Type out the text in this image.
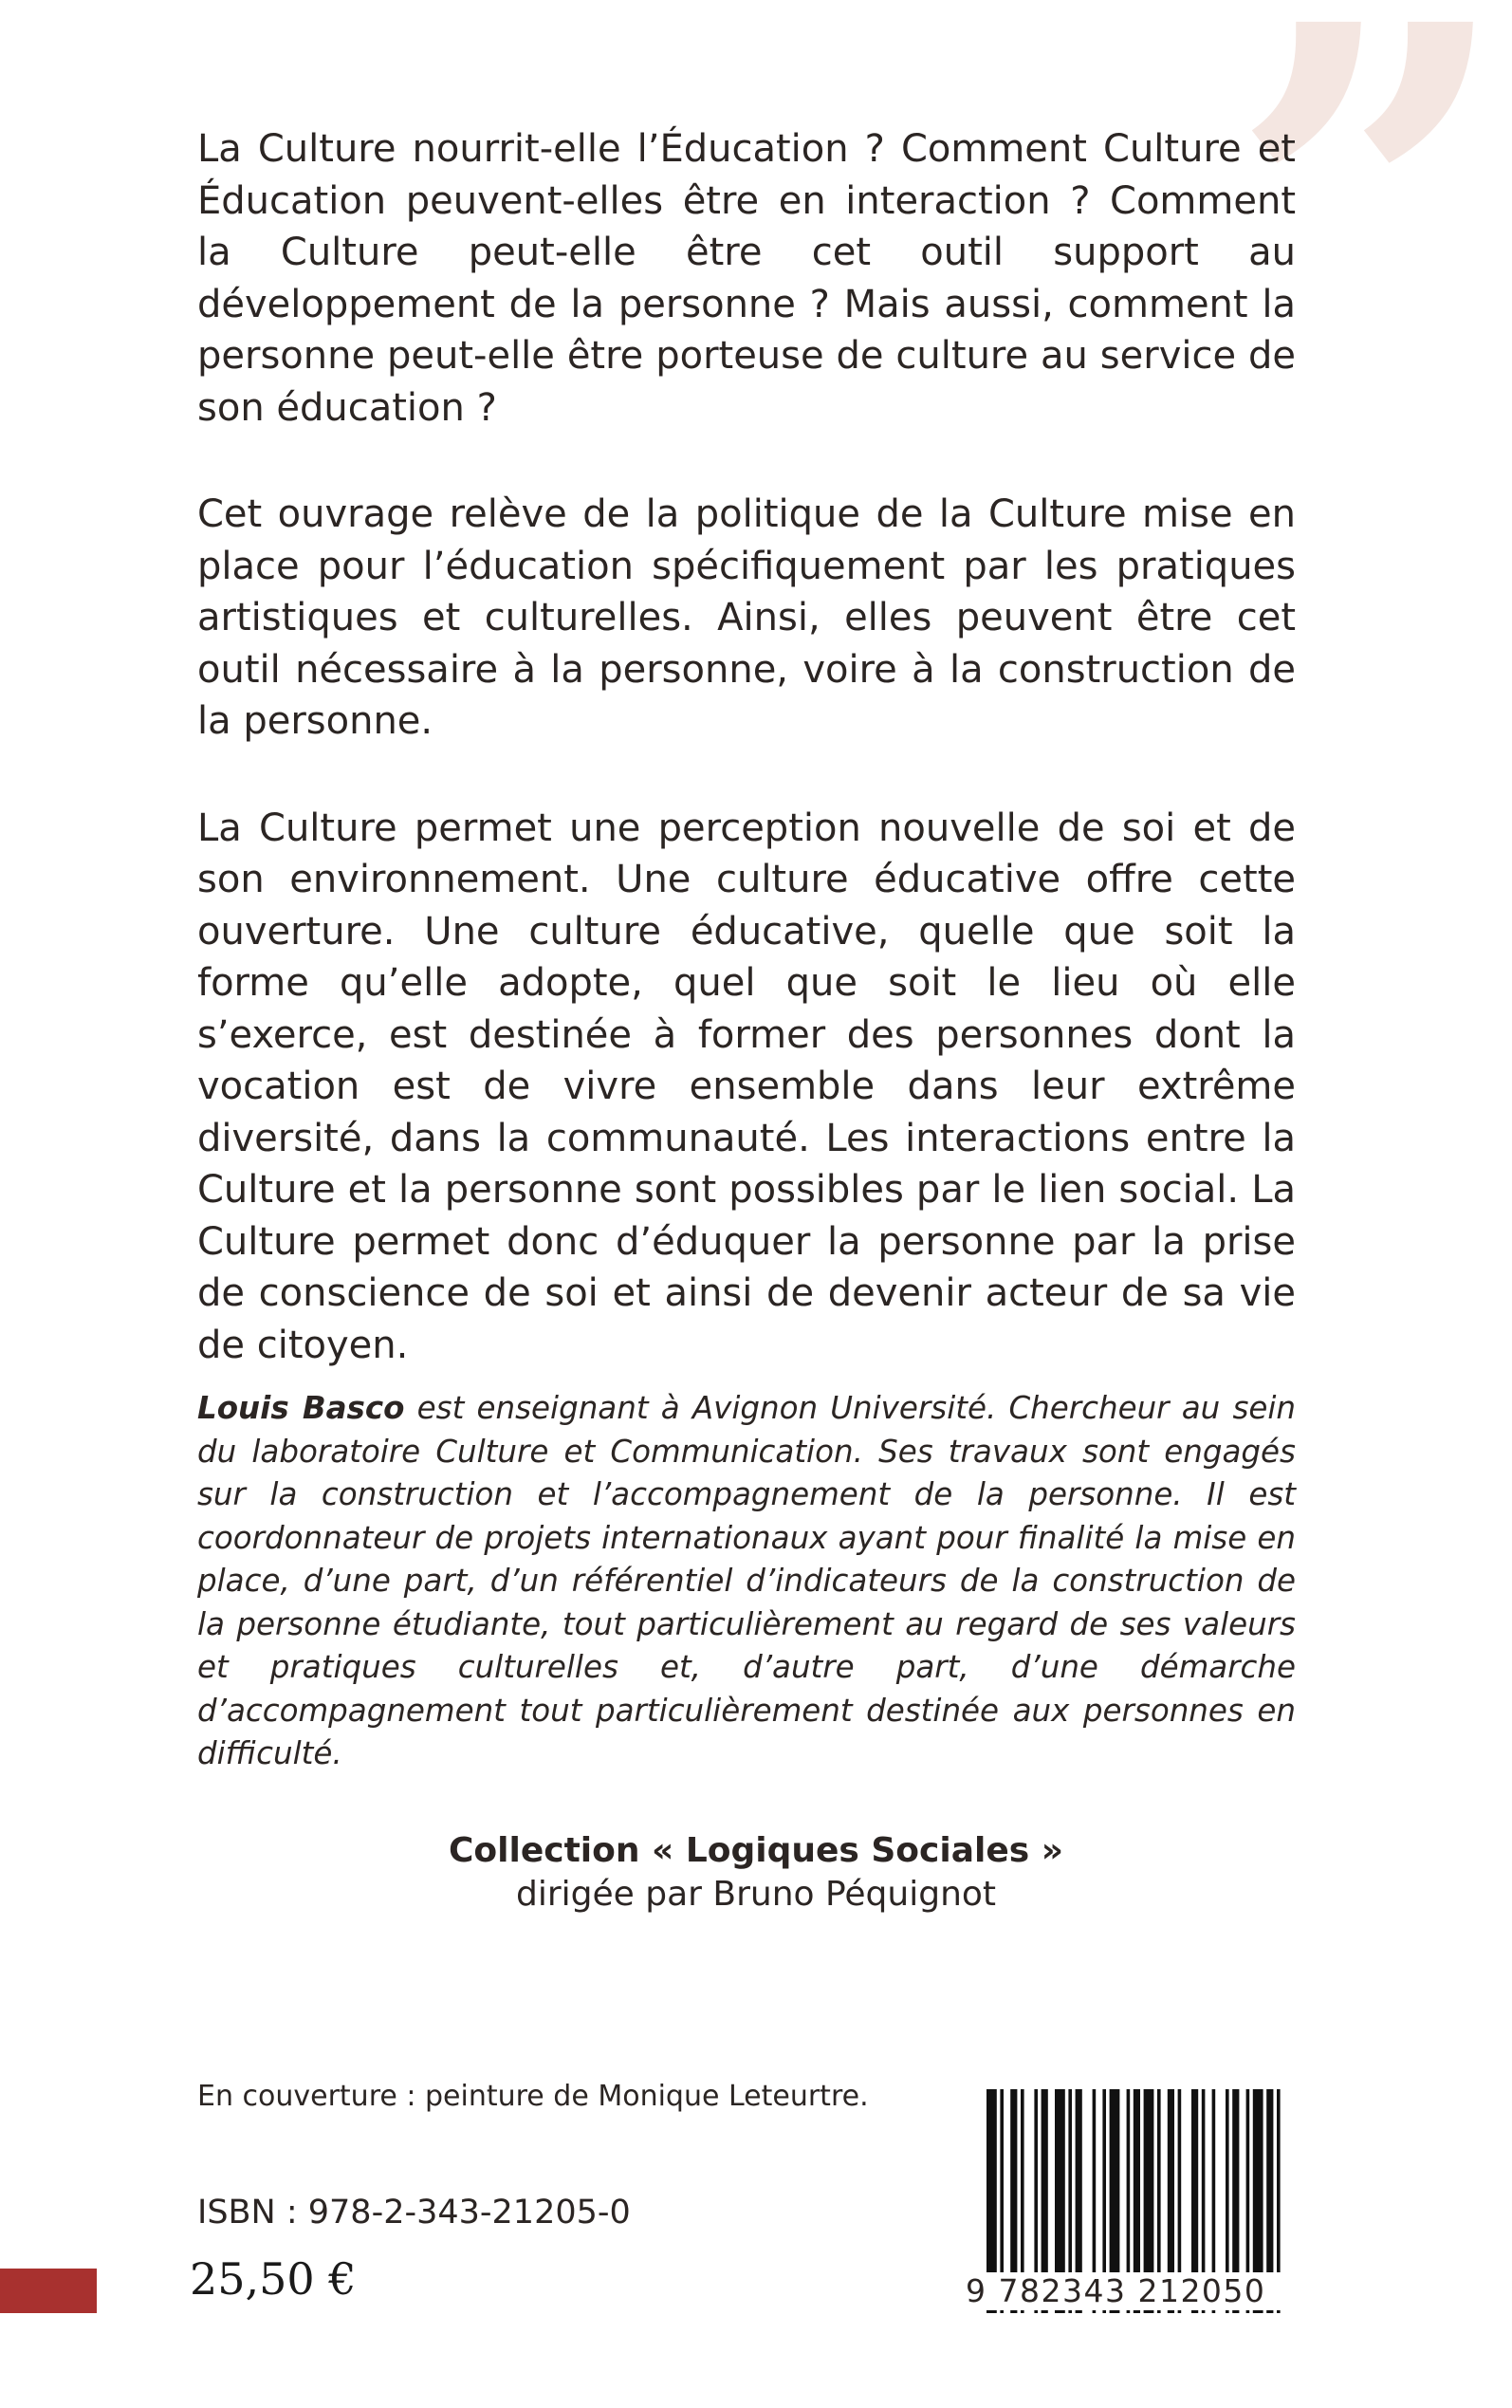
”

La Culture nourrit-elle l’Éducation ? Comment Culture et Éducation peuvent-elles être en interaction ? Comment la Culture peut-elle être cet outil support au développement de la personne ? Mais aussi, comment la personne peut-elle être porteuse de culture au service de son éducation ?

Cet ouvrage relève de la politique de la Culture mise en place pour l’éducation spécifiquement par les pratiques artistiques et culturelles. Ainsi, elles peuvent être cet outil nécessaire à la personne, voire à la construction de la personne.

La Culture permet une perception nouvelle de soi et de son environnement. Une culture éducative offre cette ouverture. Une culture éducative, quelle que soit la forme qu’elle adopte, quel que soit le lieu où elle s’exerce, est destinée à former des personnes dont la vocation est de vivre ensemble dans leur extrême diversité, dans la communauté. Les interactions entre la Culture et la personne sont possibles par le lien social. La Culture permet donc d’éduquer la personne par la prise de conscience de soi et ainsi de devenir acteur de sa vie de citoyen.

Louis Basco est enseignant à Avignon Université. Chercheur au sein du laboratoire Culture et Communication. Ses travaux sont engagés sur la construction et l’accompagnement de la personne. Il est coordonnateur de projets internationaux ayant pour finalité la mise en place, d’une part, d’un référentiel d’indicateurs de la construction de la personne étudiante, tout particulièrement au regard de ses valeurs et pratiques culturelles et, d’autre part, d’une démarche d’accompagnement tout particulièrement destinée aux personnes en difficulté.

Collection « Logiques Sociales »
dirigée par Bruno Péquignot
En couverture : peinture de Monique Leteurtre.
ISBN : 978-2-343-21205-0
25,50 €	9 782343 212050
